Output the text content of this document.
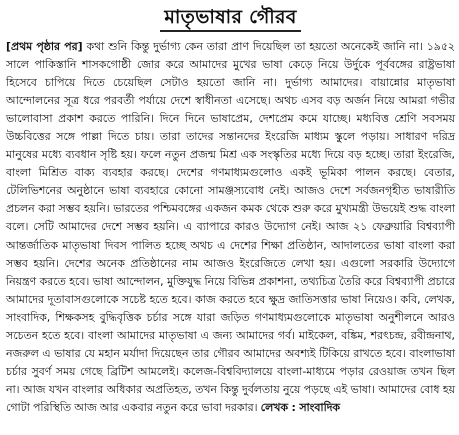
মাতৃভাষার গৌরব

[প্রথম পৃষ্ঠার পর] কথা শুনি কিন্তু দুর্ভাগ্য কেন তারা প্রাণ দিয়েছিল তা হয়তো অনেকেই জানি না। ১৯৫২ সালে পাকিস্তানি শাসকগোষ্ঠী জোর করে আমাদের মুখের ভাষা কেড়ে নিয়ে উর্দুকে পূর্ববঙ্গের রাষ্ট্রভাষা হিসেবে চাপিয়ে দিতে চেয়েছিল সেটাও হয়তো জানি না। দুর্ভাগ্য আমাদের। বায়ান্নোর মাতৃভাষা আন্দোলনের সূত্র ধরে পরবর্তী পর্যায়ে দেশে স্বাধীনতা এসেছে। অথচ এসব বড় অর্জন নিয়ে আমরা গভীর ভালোবাসা প্রকাশ করতে পারিনি। দিনে দিনে ভাষাপ্রেম, দেশপ্রেম কমে যাচ্ছে। মধ্যবিত্ত শ্রেণি সবসময় উচ্চবিত্তের সঙ্গে পাল্লা দিতে চায়। তারা তাদের সন্তানদের ইংরেজি মাধ্যম স্কুলে পড়ায়। সাধারণ দরিদ্র মানুষের মধ্যে ব্যবধান সৃষ্টি হয়। ফলে নতুন প্রজন্ম মিশ্র এক সংস্কৃতির মধ্যে দিয়ে বড় হচ্ছে। তারা ইংরেজি, বাংলা মিশ্রিত বাক্য ব্যবহার করছে। দেশের গণমাধ্যমগুলোও একই ভূমিকা পালন করছে। বেতার, টেলিভিশনের অনুষ্ঠানে ভাষা ব্যবহারে কোনো সামঞ্জস্যবোধ নেই। আজও দেশে সর্বজনগৃহীত ভাষারীতি প্রচলন করা সম্ভব হয়নি। ভারতের পশ্চিমবঙ্গের একজন কমক থেকে শুরু করে মুখ্যমন্ত্রী উভয়েই শুদ্ধ বাংলা বলে। সেটি আমাদের দেশে সম্ভব হয়নি। এ ব্যাপারে কারও উদ্যোগ নেই। আজ ২১ ফেব্রুয়ারি বিশ্বব্যাপী আন্তর্জাতিক মাতৃভাষা দিবস পালিত হচ্ছে অথচ এ দেশের শিক্ষা প্রতিষ্ঠান, আদালতের ভাষা বাংলা করা সম্ভব হয়নি। দেশের অনেক প্রতিষ্ঠানের নাম আজও ইংরেজিতে লেখা হয়। এগুলো সরকারি উদ্যোগে নিয়ন্ত্রণ করতে হবে। ভাষা আন্দোলন, মুক্তিযুদ্ধ নিয়ে বিভিন্ন প্রকাশনা, তথ্যচিত্র তৈরি করে বিশ্বব্যাপী প্রচারে আমাদের দূতাবাসগুলোকে সচেষ্ট হতে হবে। কাজ করতে হবে ক্ষুদ্র জাতিসত্তার ভাষা নিয়েও। কবি, লেখক, সাংবাদিক, শিক্ষকসহ বুদ্ধিবৃত্তিক চর্চার সঙ্গে যারা জড়িত গণমাধ্যমগুলোকে মাতৃভাষা অনুশীলনে আরও সচেতন হতে হবে। বাংলা আমাদের মাতৃভাষা এ জন্য আমাদের গর্ব। মাইকেল, বঙ্কিম, শরৎচন্দ্র, রবীন্দ্রনাথ, নজরুল এ ভাষার যে মহান মর্যাদা দিয়েছেন তার গৌরব আমাদের অবশ্যই টিকিয়ে রাখতে হবে। বাংলাভাষা চর্চার সুবর্ণ সময় গেছে ব্রিটিশ আমলেই। কলেজ-বিশ্ববিদ্যালয়ে বাংলা-মাধ্যমে পড়ার রেওয়াজ তখন ছিল না। আজ যখন বাংলার অধিকার অপ্রতিহত, তখন কিন্তু দুর্বলতায় নুয়ে পড়ছে এই ভাষা। আমাদের বোধ হয় গোটা পরিস্থিতি আজ আর একবার নতুন করে ভাবা দরকার। লেখক : সাংবাদিক
